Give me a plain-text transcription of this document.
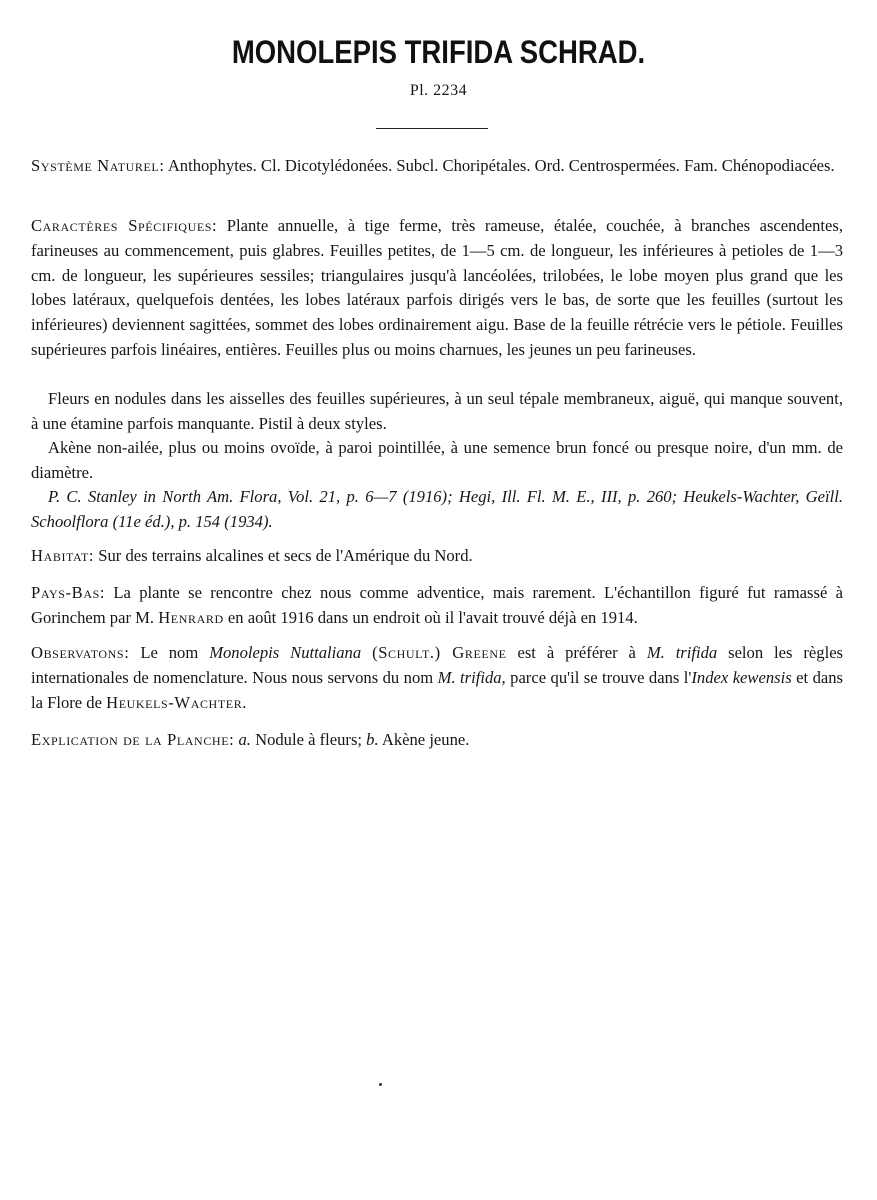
MONOLEPIS TRIFIDA SCHRAD.
Pl. 2234
Système Naturel: Anthophytes. Cl. Dicotylédonées. Subcl. Choripétales. Ord. Centrospermées. Fam. Chénopodiacées.
Caractères Spécifiques: Plante annuelle, à tige ferme, très rameuse, étalée, couchée, à branches ascendentes, farineuses au commencement, puis glabres. Feuilles petites, de 1—5 cm. de longueur, les inférieures à petioles de 1—3 cm. de longueur, les supérieures sessiles; triangulaires jusqu'à lancéolées, trilobées, le lobe moyen plus grand que les lobes latéraux, quelquefois dentées, les lobes latéraux parfois dirigés vers le bas, de sorte que les feuilles (surtout les inférieures) deviennent sagittées, sommet des lobes ordinairement aigu. Base de la feuille rétrécie vers le pétiole. Feuilles supérieures parfois linéaires, entières. Feuilles plus ou moins charnues, les jeunes un peu farineuses.
Fleurs en nodules dans les aisselles des feuilles supérieures, à un seul tépale membraneux, aiguë, qui manque souvent, à une étamine parfois manquante. Pistil à deux styles.
Akène non-ailée, plus ou moins ovoïde, à paroi pointillée, à une semence brun foncé ou presque noire, d'un mm. de diamètre.
P. C. Stanley in North Am. Flora, Vol. 21, p. 6—7 (1916); Hegi, Ill. Fl. M. E., III, p. 260; Heukels-Wachter, Geïll. Schoolflora (11e éd.), p. 154 (1934).
Habitat: Sur des terrains alcalines et secs de l'Amérique du Nord.
Pays-Bas: La plante se rencontre chez nous comme adventice, mais rarement. L'échantillon figuré fut ramassé à Gorinchem par M. Henrard en août 1916 dans un endroit où il l'avait trouvé déjà en 1914.
Observatons: Le nom Monolepis Nuttaliana (Schult.) Greene est à préférer à M. trifida selon les règles internationales de nomenclature. Nous nous servons du nom M. trifida, parce qu'il se trouve dans l'Index kewensis et dans la Flore de Heukels-Wachter.
Explication de la Planche: a. Nodule à fleurs; b. Akène jeune.
